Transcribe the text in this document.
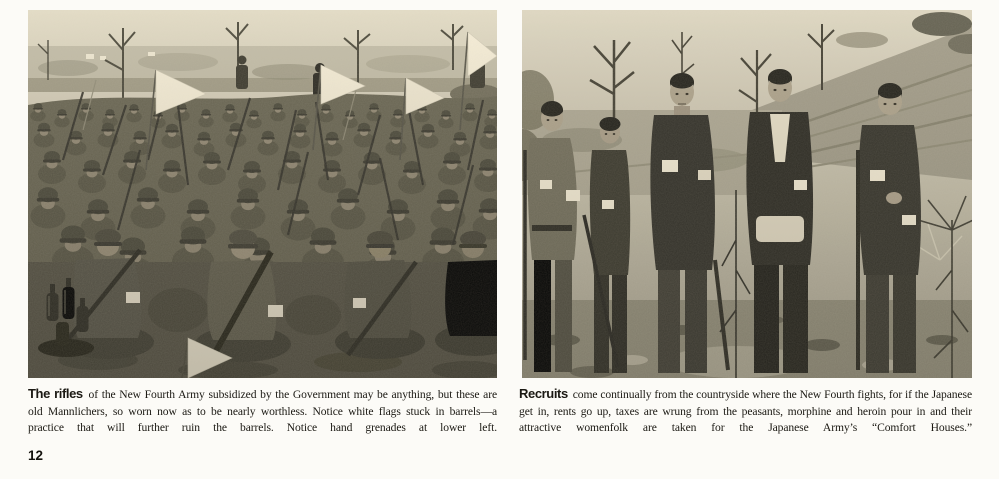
The rifles of the New Fourth Army subsidized by the Government may be anything, but these are old Mannlichers, so worn now as to be nearly worthless. Notice white flags stuck in barrels—a practice that will further ruin the barrels. Notice hand grenades at lower left.

Recruits come continually from the countryside where the New Fourth fights, for if the Japanese get in, rents go up, taxes are wrung from the peasants, morphine and heroin pour in and their attractive womenfolk are taken for the Japanese Army’s “Comfort Houses.”

12
